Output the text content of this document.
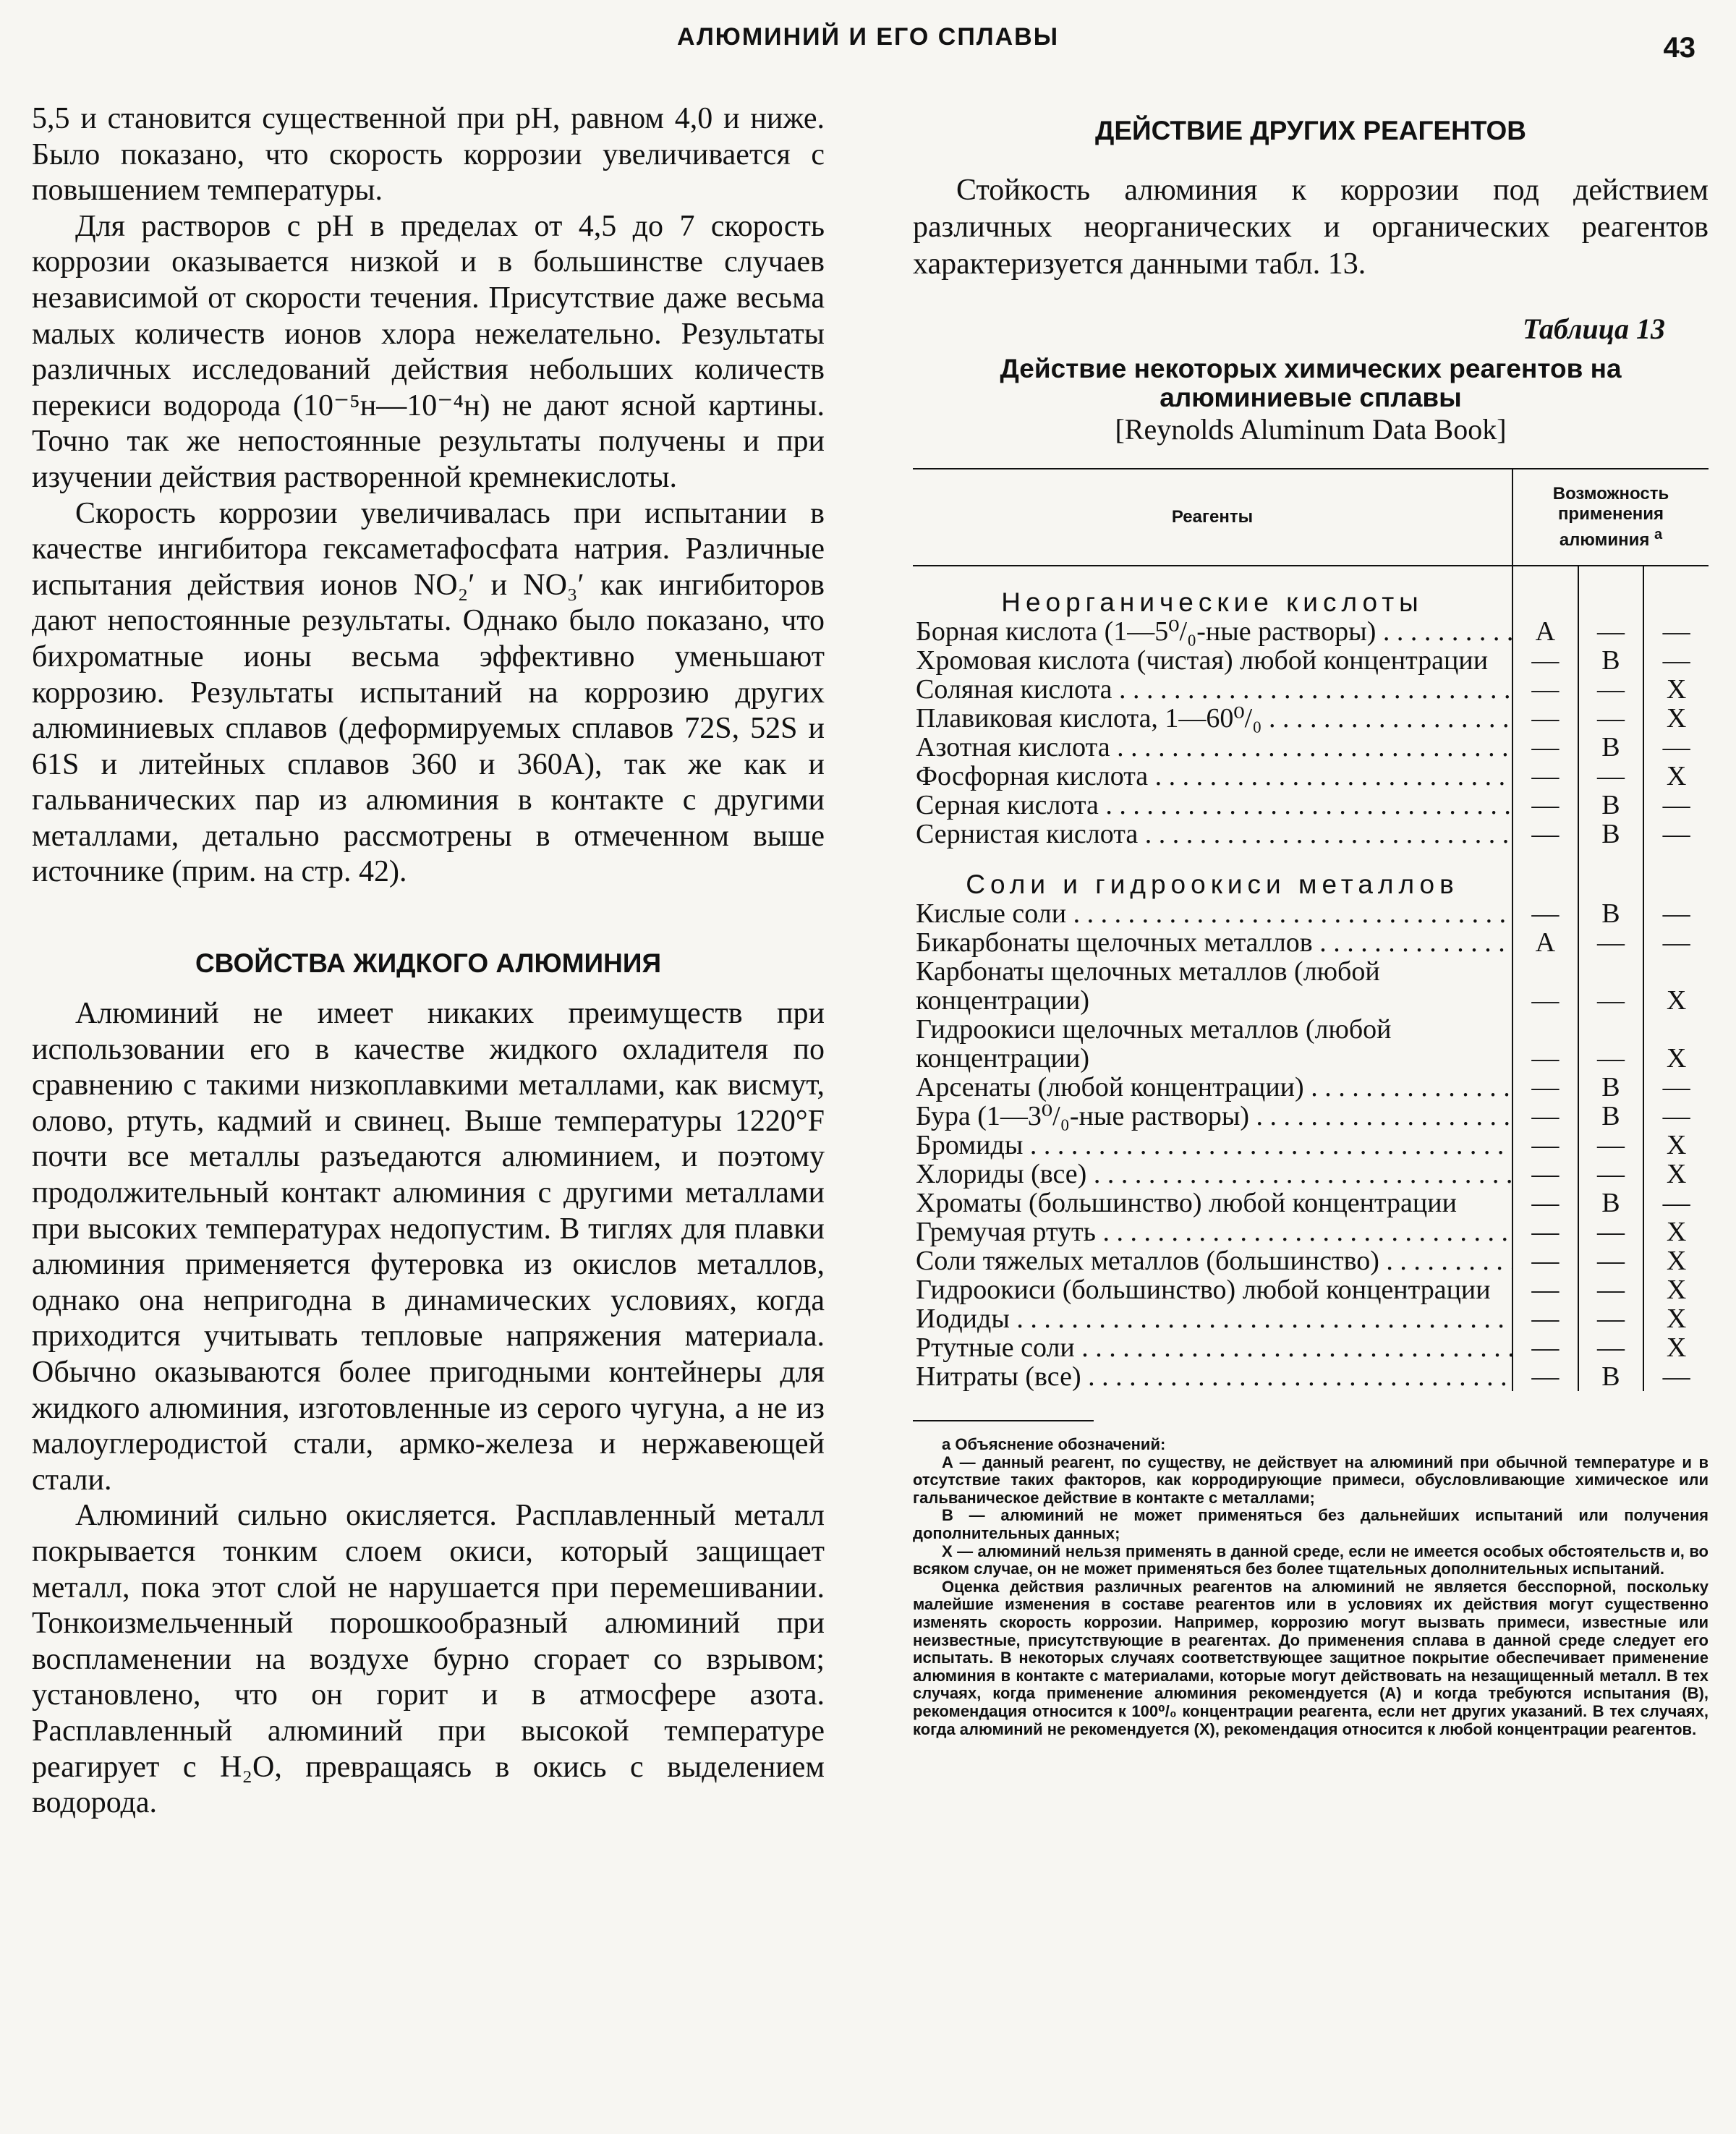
АЛЮМИНИЙ И ЕГО СПЛАВЫ	43

5,5 и становится существенной при рН, равном 4,0 и ниже. Было показано, что скорость коррозии увеличивается с повышением температуры.

Для растворов с рН в пределах от 4,5 до 7 скорость коррозии оказывается низкой и в большинстве случаев независимой от скорости течения. Присутствие даже весьма малых количеств ионов хлора нежелательно. Результаты различных исследований действия небольших количеств перекиси водорода (10⁻⁵н—10⁻⁴н) не дают ясной картины. Точно так же непостоянные результаты получены и при изучении действия растворенной кремнекислоты.

Скорость коррозии увеличивалась при испытании в качестве ингибитора гексаметафосфата натрия. Различные испытания действия ионов NO₂′ и NO₃′ как ингибиторов дают непостоянные результаты. Однако было показано, что бихроматные ионы весьма эффективно уменьшают коррозию. Результаты испытаний на коррозию других алюминиевых сплавов (деформируемых сплавов 72S, 52S и 61S и литейных сплавов 360 и 360A), так же как и гальванических пар из алюминия в контакте с другими металлами, детально рассмотрены в отмеченном выше источнике (прим. на стр. 42).

СВОЙСТВА ЖИДКОГО АЛЮМИНИЯ

Алюминий не имеет никаких преимуществ при использовании его в качестве жидкого охладителя по сравнению с такими низкоплавкими металлами, как висмут, олово, ртуть, кадмий и свинец. Выше температуры 1220°F почти все металлы разъедаются алюминием, и поэтому продолжительный контакт алюминия с другими металлами при высоких температурах недопустим. В тиглях для плавки алюминия применяется футеровка из окислов металлов, однако она непригодна в динамических условиях, когда приходится учитывать тепловые напряжения материала. Обычно оказываются более пригодными контейнеры для жидкого алюминия, изготовленные из серого чугуна, а не из малоуглеродистой стали, армко-железа и нержавеющей стали.

Алюминий сильно окисляется. Расплавленный металл покрывается тонким слоем окиси, который защищает металл, пока этот слой не нарушается при перемешивании. Тонкоизмельченный порошкообразный алюминий при воспламенении на воздухе бурно сгорает со взрывом; установлено, что он горит и в атмосфере азота. Расплавленный алюминий при высокой температуре реагирует с H₂O, превращаясь в окись с выделением водорода.

ДЕЙСТВИЕ ДРУГИХ РЕАГЕНТОВ

Стойкость алюминия к коррозии под действием различных неорганических и органических реагентов характеризуется данными табл. 13.

Таблица 13

Действие некоторых химических реагентов на алюминиевые сплавы

[Reynolds Aluminum Data Book]

Реагенты	Возможность применения алюминия $^а$
Неорганические кислоты			
Борная кислота (1—5⁰/₀-ные растворы) . . .	A	—	—
Хромовая кислота (чистая) любой концентрации	—	B	—
Соляная кислота . . .	—	—	X
Плавиковая кислота, 1—60⁰/₀ . . .	—	—	X
Азотная кислота . . .	—	B	—
Фосфорная кислота . . .	—	—	X
Серная кислота . . .	—	B	—
Сернистая кислота . . .	—	B	—
Соли и гидроокиси металлов			
Кислые соли . . .	—	B	—
Бикарбонаты щелочных металлов . . .	A	—	—
Карбонаты щелочных металлов (любой концентрации)	—	—	X
Гидроокиси щелочных металлов (любой концентрации)	—	—	X
Арсенаты (любой концентрации) . . .	—	B	—
Бура (1—3⁰/₀-ные растворы) . . .	—	B	—
Бромиды . . .	—	—	X
Хлориды (все) . . .	—	—	X
Хроматы (большинство) любой концентрации	—	B	—
Гремучая ртуть . . .	—	—	X
Соли тяжелых металлов (большинство) . . .	—	—	X
Гидроокиси (большинство) любой концентрации	—	—	X
Иодиды . . .	—	—	X
Ртутные соли . . .	—	—	X
Нитраты (все) . . .	—	B	—

а Объяснение обозначений:

A — данный реагент, по существу, не действует на алюминий при обычной температуре и в отсутствие таких факторов, как корродирующие примеси, обусловливающие химическое или гальваническое действие в контакте с металлами;

B — алюминий не может применяться без дальнейших испытаний или получения дополнительных данных;

X — алюминий нельзя применять в данной среде, если не имеется особых обстоятельств и, во всяком случае, он не может применяться без более тщательных дополнительных испытаний.

Оценка действия различных реагентов на алюминий не является бесспорной, поскольку малейшие изменения в составе реагентов или в условиях их действия могут существенно изменять скорость коррозии. Например, коррозию могут вызвать примеси, известные или неизвестные, присутствующие в реагентах. До применения сплава в данной среде следует его испытать. В некоторых случаях соответствующее защитное покрытие обеспечивает применение алюминия в контакте с материалами, которые могут действовать на незащищенный металл. В тех случаях, когда применение алюминия рекомендуется (A) и когда требуются испытания (B), рекомендация относится к 100⁰/₀ концентрации реагента, если нет других указаний. В тех случаях, когда алюминий не рекомендуется (X), рекомендация относится к любой концентрации реагентов.
